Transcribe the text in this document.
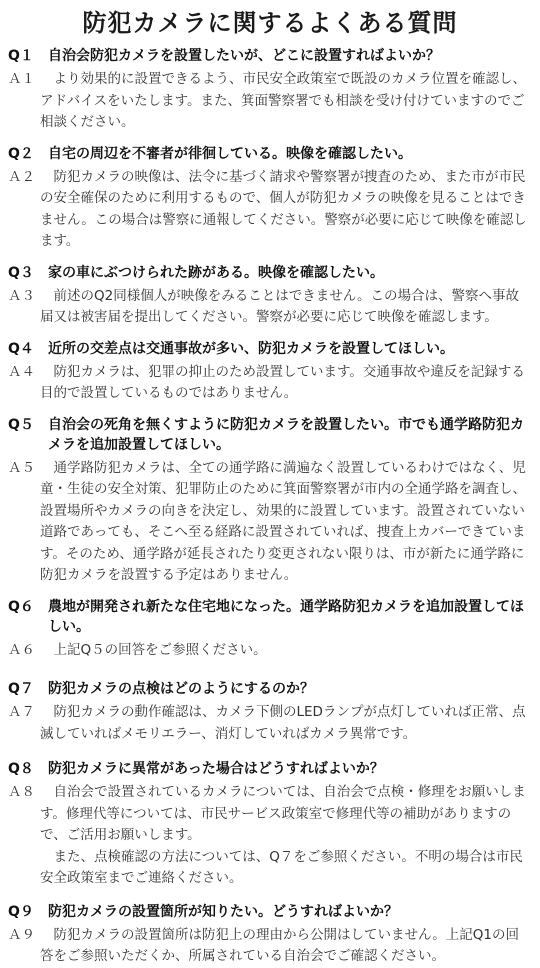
防犯カメラに関するよくある質問
Q１	自治会防犯カメラを設置したいが、どこに設置すればよいか？
Ａ１	より効果的に設置できるよう、市民安全政策室で既設のカメラ位置を確認し、アドバイスをいたします。また、箕面警察署でも相談を受け付けていますのでご相談ください。

Q２	自宅の周辺を不審者が徘徊している。映像を確認したい。
Ａ２	防犯カメラの映像は、法令に基づく請求や警察署が捜査のため、また市が市民の安全確保のために利用するもので、個人が防犯カメラの映像を見ることはできません。この場合は警察に通報してください。警察が必要に応じて映像を確認します。

Q３	家の車にぶつけられた跡がある。映像を確認したい。
Ａ３	前述のQ2同様個人が映像をみることはできません。この場合は、警察へ事故届又は被害届を提出してください。警察が必要に応じて映像を確認します。

Q４	近所の交差点は交通事故が多い、防犯カメラを設置してほしい。
Ａ４	防犯カメラは、犯罪の抑止のため設置しています。交通事故や違反を記録する目的で設置しているものではありません。

Q５	自治会の死角を無くすように防犯カメラを設置したい。市でも通学路防犯カメラを追加設置してほしい。
Ａ５	通学路防犯カメラは、全ての通学路に満遍なく設置しているわけではなく、児童・生徒の安全対策、犯罪防止のために箕面警察署が市内の全通学路を調査し、設置場所やカメラの向きを決定し、効果的に設置しています。設置されていない道路であっても、そこへ至る経路に設置されていれば、捜査上カバーできています。そのため、通学路が延長されたり変更されない限りは、市が新たに通学路に防犯カメラを設置する予定はありません。

Q６	農地が開発され新たな住宅地になった。通学路防犯カメラを追加設置してほしい。
Ａ６	上記Q５の回答をご参照ください。

Q７	防犯カメラの点検はどのようにするのか？
Ａ７	防犯カメラの動作確認は、カメラ下側のLEDランプが点灯していれば正常、点滅していればメモリエラー、消灯していればカメラ異常です。

Q８	防犯カメラに異常があった場合はどうすればよいか？
Ａ８	自治会で設置されているカメラについては、自治会で点検・修理をお願いします。修理代等については、市民サービス政策室で修理代等の補助がありますので、ご活用お願いします。

また、点検確認の方法については、Q７をご参照ください。不明の場合は市民安全政策室までご連絡ください。

Q９	防犯カメラの設置箇所が知りたい。どうすればよいか？
Ａ９	防犯カメラの設置箇所は防犯上の理由から公開はしていません。上記Q1の回答をご参照いただくか、所属されている自治会でご確認ください。
